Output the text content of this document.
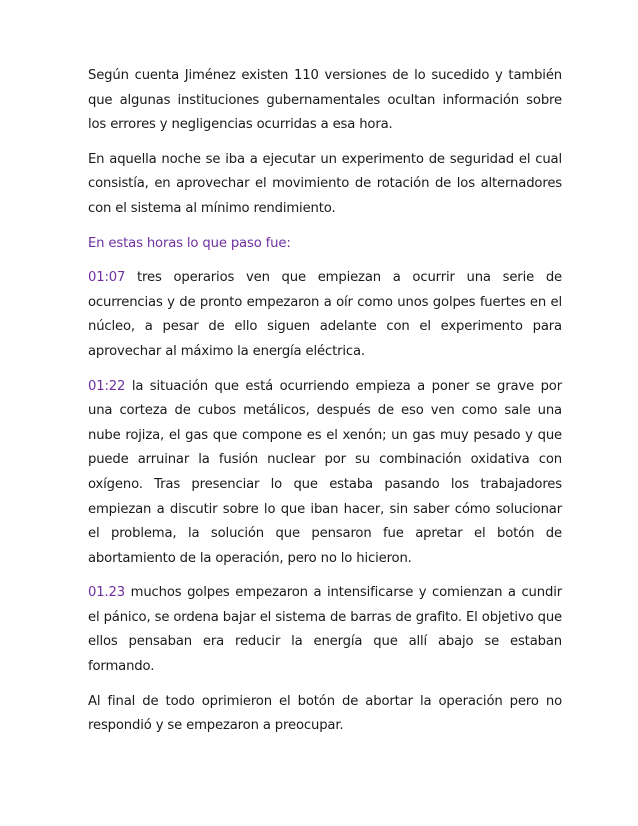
Según cuenta Jiménez existen 110 versiones de lo sucedido y también que algunas instituciones gubernamentales ocultan información sobre los errores y negligencias ocurridas a esa hora.

En aquella noche se iba a ejecutar un experimento de seguridad el cual consistía, en aprovechar el movimiento de rotación de los alternadores con el sistema al mínimo rendimiento.

En estas horas lo que paso fue:

01:07 tres operarios ven que empiezan a ocurrir una serie de ocurrencias y de pronto empezaron a oír como unos golpes fuertes en el núcleo, a pesar de ello siguen adelante con el experimento para aprovechar al máximo la energía eléctrica.

01:22 la situación que está ocurriendo empieza a poner se grave por una corteza de cubos metálicos, después de eso ven como sale una nube rojiza, el gas que compone es el xenón; un gas muy pesado y que puede arruinar la fusión nuclear por su combinación oxidativa con oxígeno. Tras presenciar lo que estaba pasando los trabajadores empiezan a discutir sobre lo que iban hacer, sin saber cómo solucionar el problema, la solución que pensaron fue apretar el botón de abortamiento de la operación, pero no lo hicieron.

01.23 muchos golpes empezaron a intensificarse y comienzan a cundir el pánico, se ordena bajar el sistema de barras de grafito. El objetivo que ellos pensaban era reducir la energía que allí abajo se estaban formando.

Al final de todo oprimieron el botón de abortar la operación pero no respondió y se empezaron a preocupar.
